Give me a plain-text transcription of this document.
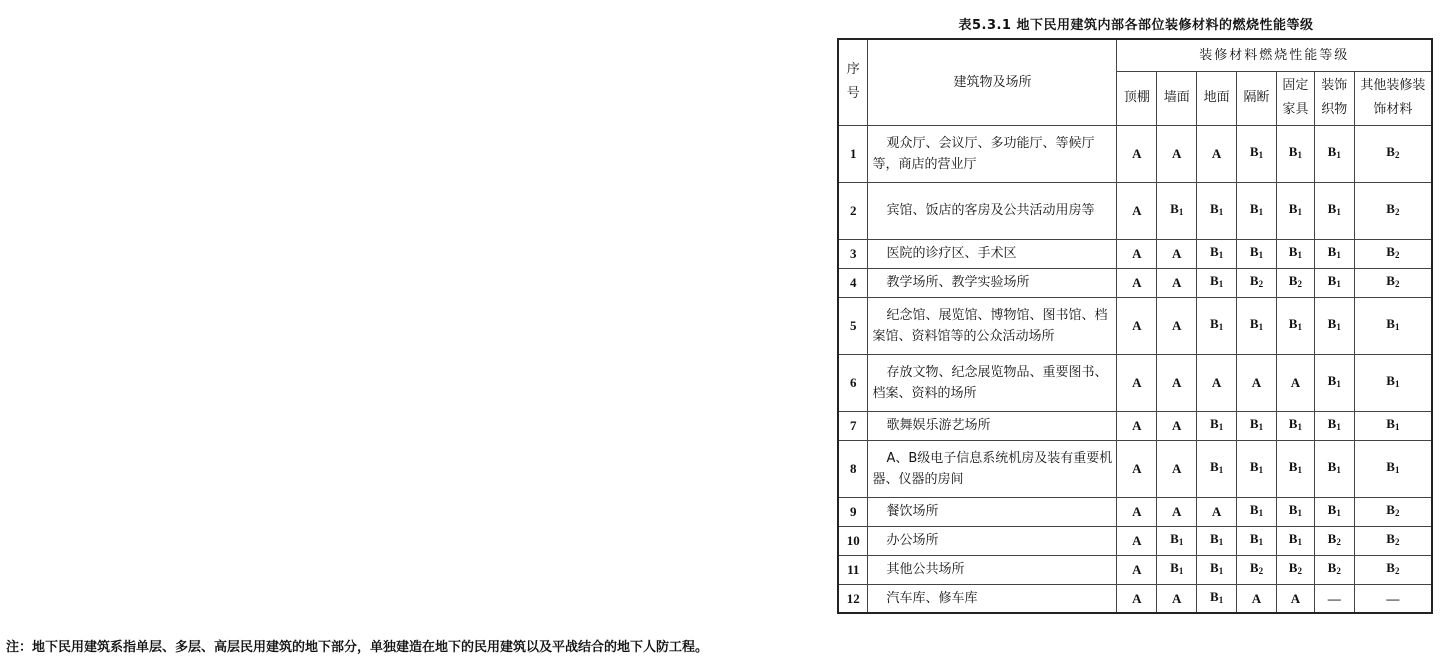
表5.3.1 地下民用建筑内部各部位装修材料的燃烧性能等级
序号	建筑物及场所	装修材料燃烧性能等级						
		顶棚	墙面	地面	隔断	固定家具	装饰织物	其他装修装饰材料
1	观众厅、会议厅、多功能厅、等候厅等，商店的营业厅	A	A	A	$B_1$	$B_1$	$B_1$	$B_2$
2	宾馆、饭店的客房及公共活动用房等	A	$B_1$	$B_1$	$B_1$	$B_1$	$B_1$	$B_2$
3	医院的诊疗区、手术区	A	A	$B_1$	$B_1$	$B_1$	$B_1$	$B_2$
4	教学场所、教学实验场所	A	A	$B_1$	$B_2$	$B_2$	$B_1$	$B_2$
5	纪念馆、展览馆、博物馆、图书馆、档案馆、资料馆等的公众活动场所	A	A	$B_1$	$B_1$	$B_1$	$B_1$	$B_1$
6	存放文物、纪念展览物品、重要图书、档案、资料的场所	A	A	A	A	A	$B_1$	$B_1$
7	歌舞娱乐游艺场所	A	A	$B_1$	$B_1$	$B_1$	$B_1$	$B_1$
8	A、B级电子信息系统机房及装有重要机器、仪器的房间	A	A	$B_1$	$B_1$	$B_1$	$B_1$	$B_1$
9	餐饮场所	A	A	A	$B_1$	$B_1$	$B_1$	$B_2$
10	办公场所	A	$B_1$	$B_1$	$B_1$	$B_1$	$B_2$	$B_2$
11	其他公共场所	A	$B_1$	$B_1$	$B_2$	$B_2$	$B_2$	$B_2$
12	汽车库、修车库	A	A	$B_1$	A	A	—	—
注：地下民用建筑系指单层、多层、高层民用建筑的地下部分，单独建造在地下的民用建筑以及平战结合的地下人防工程。
